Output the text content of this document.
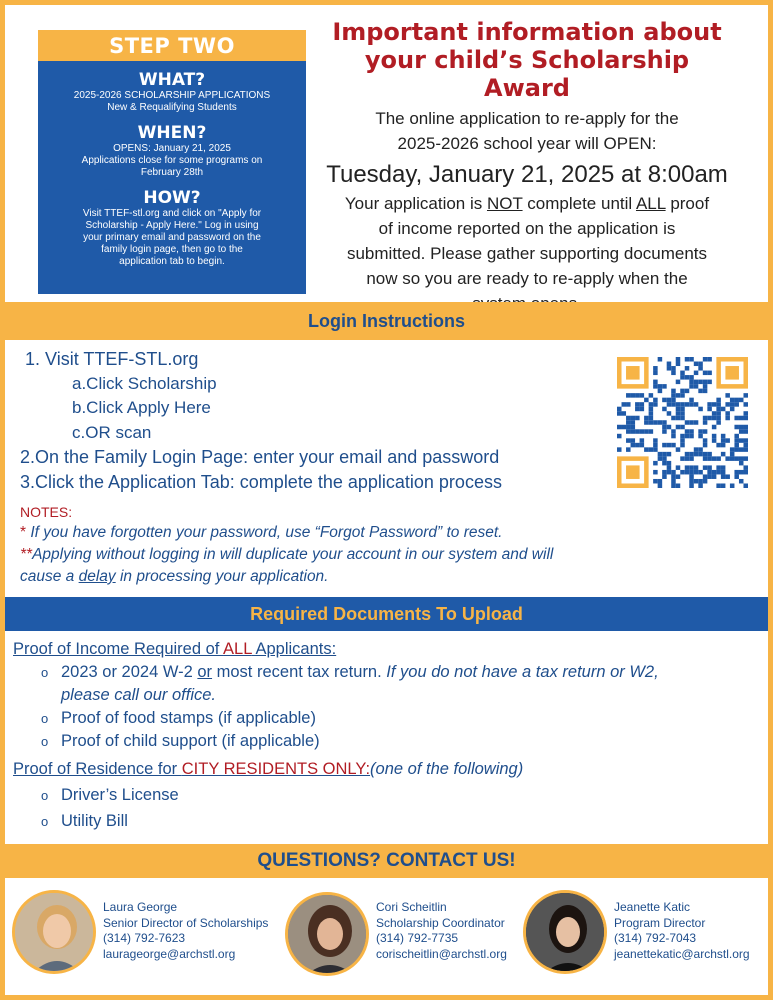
STEP TWO
WHAT?
2025-2026 SCHOLARSHIP APPLICATIONS
New & Requalifying Students
WHEN?
OPENS: January 21, 2025
Applications close for some programs on
February 28th
HOW?
Visit TTEF-stl.org and click on "Apply for
Scholarship - Apply Here." Log in using
your primary email and password on the
family login page, then go to the
application tab to begin.
Important information about
your child’s Scholarship Award
The online application to re-apply for the
2025-2026 school year will OPEN:
Tuesday, January 21, 2025 at 8:00am
Your application is NOT complete until ALL proof
of income reported on the application is
submitted. Please gather supporting documents
now so you are ready to re-apply when the
Login Instructions
1. Visit TTEF-STL.org
a.Click Scholarship
b.Click Apply Here
c.OR scan
2.On the Family Login Page: enter your email and password
3.Click the Application Tab: complete the application process
NOTES:
* If you have forgotten your password, use “Forgot Password” to reset.
**Applying without logging in will duplicate your account in our system and will
cause a delay in processing your application.
Required Documents To Upload
Proof of Income Required of ALL Applicants:
o 2023 or 2024 W-2 or most recent tax return. If you do not have a tax return or W2,
please call our office.
o Proof of food stamps (if applicable)
o Proof of child support (if applicable)
Proof of Residence for CITY RESIDENTS ONLY:(one of the following)
o Driver’s License
o Utility Bill
QUESTIONS? CONTACT US!
Laura George
Senior Director of Scholarships
(314) 792-7623
laurageorge@archstl.org
Cori Scheitlin
Scholarship Coordinator
(314) 792-7735
corischeitlin@archstl.org
Jeanette Katic
Program Director
(314) 792-7043
jeanettekatic@archstl.org
